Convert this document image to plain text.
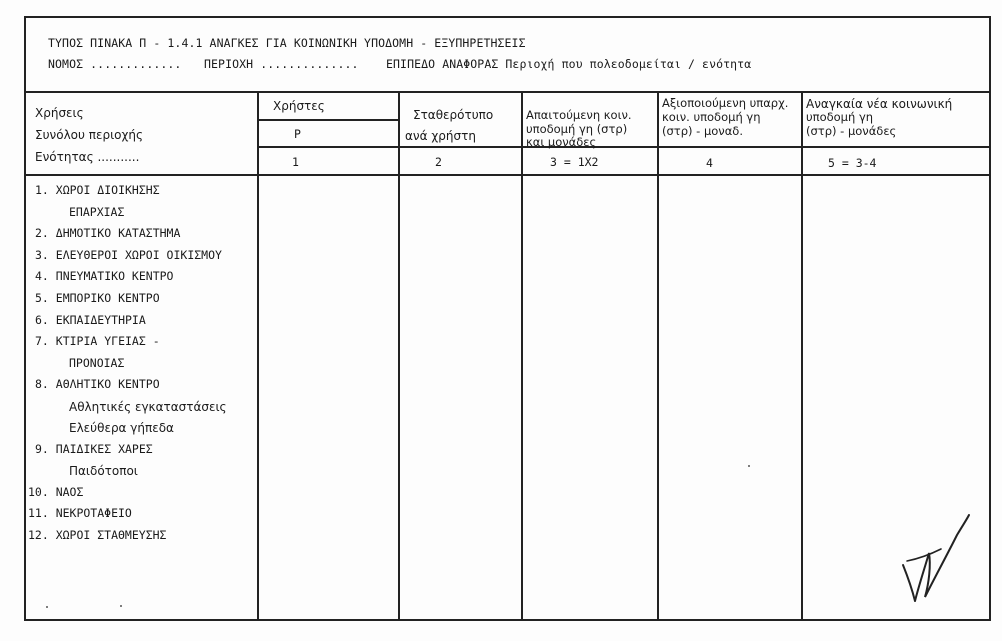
ΤΥΠΟΣ ΠΙΝΑΚΑ Π - 1.4.1 ΑΝΑΓΚΕΣ ΓΙΑ ΚΟΙΝΩΝΙΚΗ ΥΠΟΔΟΜΗ - ΕΞΥΠΗΡΕΤΗΣΕΙΣ
ΝΟΜΟΣ ............. ΠΕΡΙΟΧΗ .............. ΕΠΙΠΕΔΟ ΑΝΑΦΟΡΑΣ Περιοχή που πολεοδομείται / ενότητα
Χρήσεις
Συνόλου περιοχής
Ενότητας ...........
Χρήστες
P
1
Σταθερότυπο
ανά χρήστη
2
Απαιτούμενη κοιν.
υποδομή γη (στρ)
και μονάδες
3 = 1Χ2
Αξιοποιούμενη υπαρχ.
κοιν. υποδομή γη
(στρ) - μοναδ.
4
Αναγκαία νέα κοινωνική
υποδομή γη
(στρ) - μονάδες
5 = 3-4
1. ΧΩΡΟΙ ΔΙΟΙΚΗΣΗΣ
ΕΠΑΡΧΙΑΣ
2. ΔΗΜΟΤΙΚΟ ΚΑΤΑΣΤΗΜΑ
3. ΕΛΕΥΘΕΡΟΙ ΧΩΡΟΙ ΟΙΚΙΣΜΟΥ
4. ΠΝΕΥΜΑΤΙΚΟ ΚΕΝΤΡΟ
5. ΕΜΠΟΡΙΚΟ ΚΕΝΤΡΟ
6. ΕΚΠΑΙΔΕΥΤΗΡΙΑ
7. ΚΤΙΡΙΑ ΥΓΕΙΑΣ -
ΠΡΟΝΟΙΑΣ
8. ΑΘΛΗΤΙΚΟ ΚΕΝΤΡΟ
Αθλητικές εγκαταστάσεις
Ελεύθερα γήπεδα
9. ΠΑΙΔΙΚΕΣ ΧΑΡΕΣ
Παιδότοποι
10. ΝΑΟΣ
11. ΝΕΚΡΟΤΑΦΕΙΟ
12. ΧΩΡΟΙ ΣΤΑΘΜΕΥΣΗΣ
